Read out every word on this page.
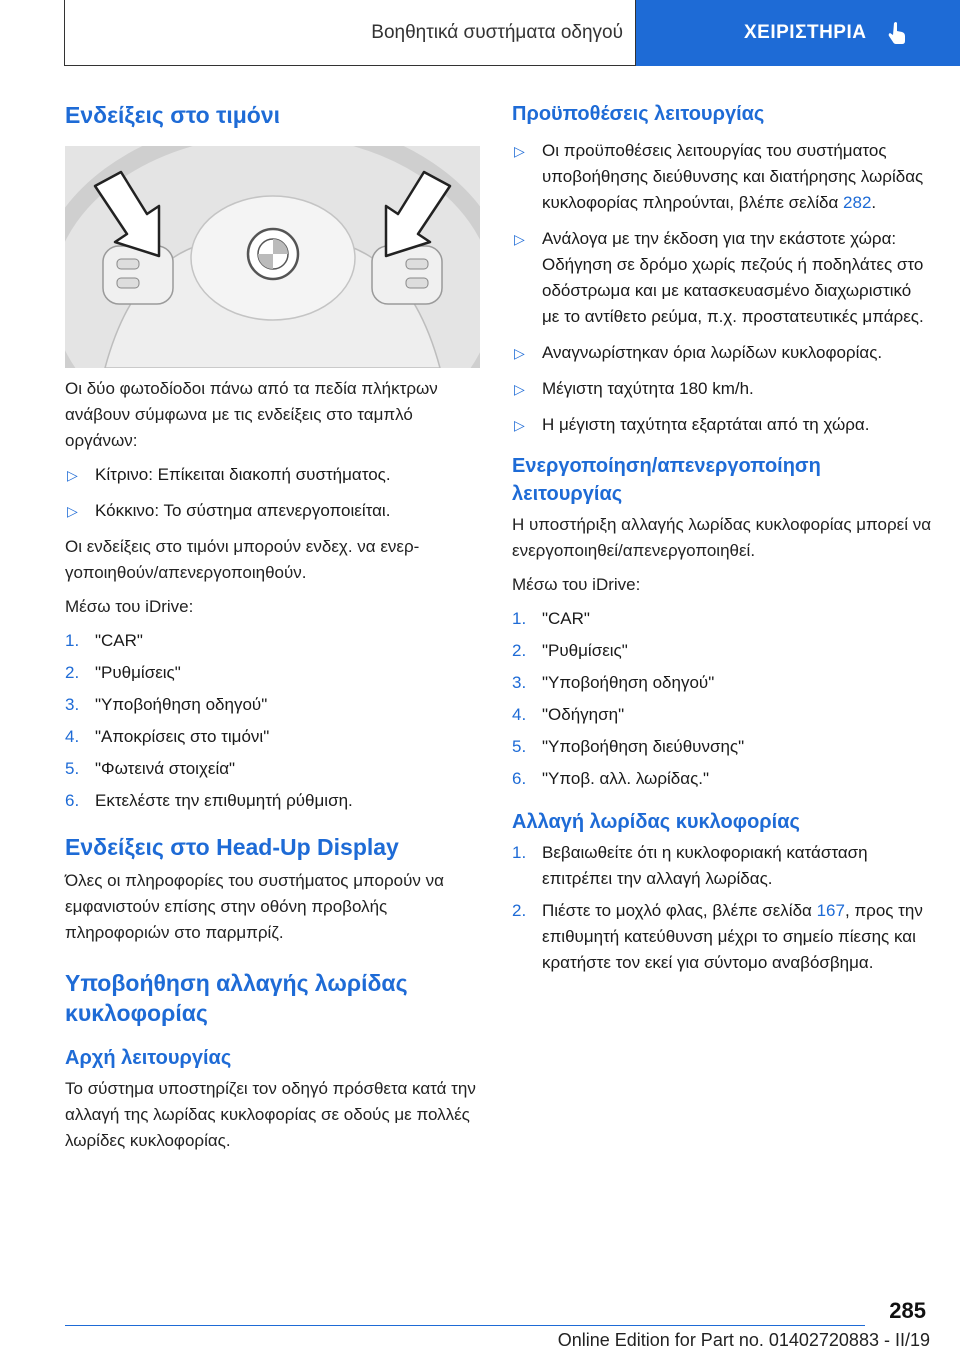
Βοηθητικά συστήματα οδηγού	ΧΕΙΡΙΣΤΗΡΙΑ
Ενδείξεις στο τιμόνι

Οι δύο φωτοδίοδοι πάνω από τα πεδία πλήκτρων ανάβουν σύμφωνα με τις ενδείξεις στο ταμπλό οργάνων:

▷ Κίτρινο: Επίκειται διακοπή συστήματος.
▷ Κόκκινο: Το σύστημα απενεργοποιείται.

Οι ενδείξεις στο τιμόνι μπορούν ενδεχ. να ενεργοποιηθούν/απενεργοποιηθούν.

Μέσω του iDrive:

1. "CAR"
2. "Ρυθμίσεις"
3. "Υποβοήθηση οδηγού"
4. "Αποκρίσεις στο τιμόνι"
5. "Φωτεινά στοιχεία"
6. Εκτελέστε την επιθυμητή ρύθμιση.
Ενδείξεις στο Head-Up Display

Όλες οι πληροφορίες του συστήματος μπορούν να εμφανιστούν επίσης στην οθόνη προβολής πληροφοριών στο παρμπρίζ.

Υποβοήθηση αλλαγής λωρίδας κυκλοφορίας
Αρχή λειτουργίας

Το σύστημα υποστηρίζει τον οδηγό πρόσθετα κατά την αλλαγή της λωρίδας κυκλοφορίας σε οδούς με πολλές λωρίδες κυκλοφορίας.

Προϋποθέσεις λειτουργίας
▷ Οι προϋποθέσεις λειτουργίας του συστήματος υποβοήθησης διεύθυνσης και διατήρησης λωρίδας κυκλοφορίας πληρούνται, βλέπε σελίδα 282.
▷ Ανάλογα με την έκδοση για την εκάστοτε χώρα: Οδήγηση σε δρόμο χωρίς πεζούς ή ποδηλάτες στο οδόστρωμα και με κατασκευασμένο διαχωριστικό με το αντίθετο ρεύμα, π.χ. προστατευτικές μπάρες.
▷ Αναγνωρίστηκαν όρια λωρίδων κυκλοφορίας.
▷ Μέγιστη ταχύτητα 180 km/h.
▷ Η μέγιστη ταχύτητα εξαρτάται από τη χώρα.
Ενεργοποίηση/απενεργοποίηση λειτουργίας

Η υποστήριξη αλλαγής λωρίδας κυκλοφορίας μπορεί να ενεργοποιηθεί/απενεργοποιηθεί.

Μέσω του iDrive:

1. "CAR"
2. "Ρυθμίσεις"
3. "Υποβοήθηση οδηγού"
4. "Οδήγηση"
5. "Υποβοήθηση διεύθυνσης"
6. "Υποβ. αλλ. λωρίδας."
Αλλαγή λωρίδας κυκλοφορίας
1. Βεβαιωθείτε ότι η κυκλοφοριακή κατάσταση επιτρέπει την αλλαγή λωρίδας.
2. Πιέστε το μοχλό φλας, βλέπε σελίδα 167, προς την επιθυμητή κατεύθυνση μέχρι το σημείο πίεσης και κρατήστε τον εκεί για σύντομο αναβόσβημα.
285
Online Edition for Part no. 01402720883 - II/19
